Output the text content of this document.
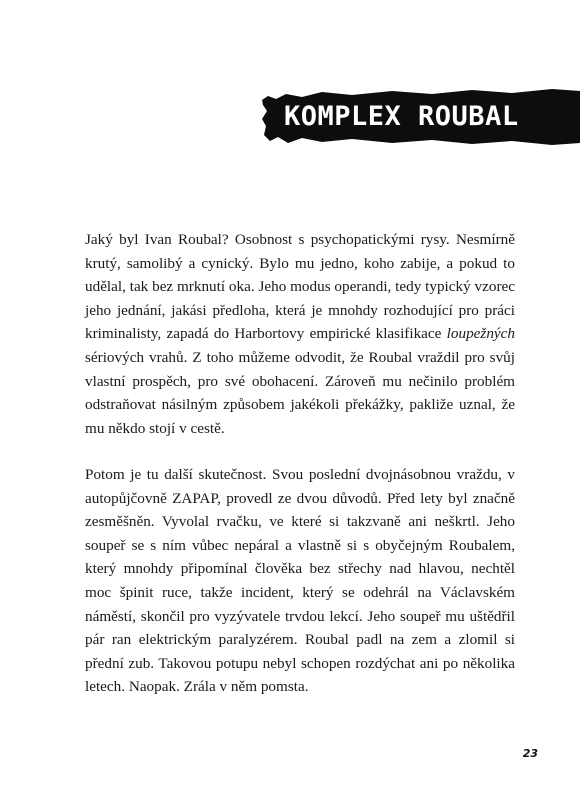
KOMPLEX ROUBAL

Jaký byl Ivan Roubal? Osobnost s psychopatickými rysy. Nesmírně krutý, samolibý a cynický. Bylo mu jedno, koho zabije, a pokud to udělal, tak bez mrknutí oka. Jeho modus operandi, tedy typický vzorec jeho jednání, jakási předloha, která je mnohdy rozhodující pro práci kriminalisty, zapadá do Harbortovy empirické klasifikace loupežných sériových vrahů. Z toho můžeme odvodit, že Roubal vraždil pro svůj vlastní prospěch, pro své obohacení. Zároveň mu nečinilo problém odstraňovat násilným způsobem jakékoli překážky, pakliže uznal, že mu někdo stojí v cestě.

Potom je tu další skutečnost. Svou poslední dvojnásobnou vraždu, v autopůjčovně ZAPAP, provedl ze dvou důvodů. Před lety byl značně zesměšněn. Vyvolal rvačku, ve které si takzvaně ani neškrtl. Jeho soupeř se s ním vůbec nepáral a vlastně si s obyčejným Roubalem, který mnohdy připomínal člověka bez střechy nad hlavou, nechtěl moc špinit ruce, takže incident, který se odehrál na Václavském náměstí, skončil pro vyzývatele trvdou lekcí. Jeho soupeř mu uštědřil pár ran elektrickým paralyzérem. Roubal padl na zem a zlomil si přední zub. Takovou potupu nebyl schopen rozdýchat ani po několika letech. Naopak. Zrála v něm pomsta.

23
